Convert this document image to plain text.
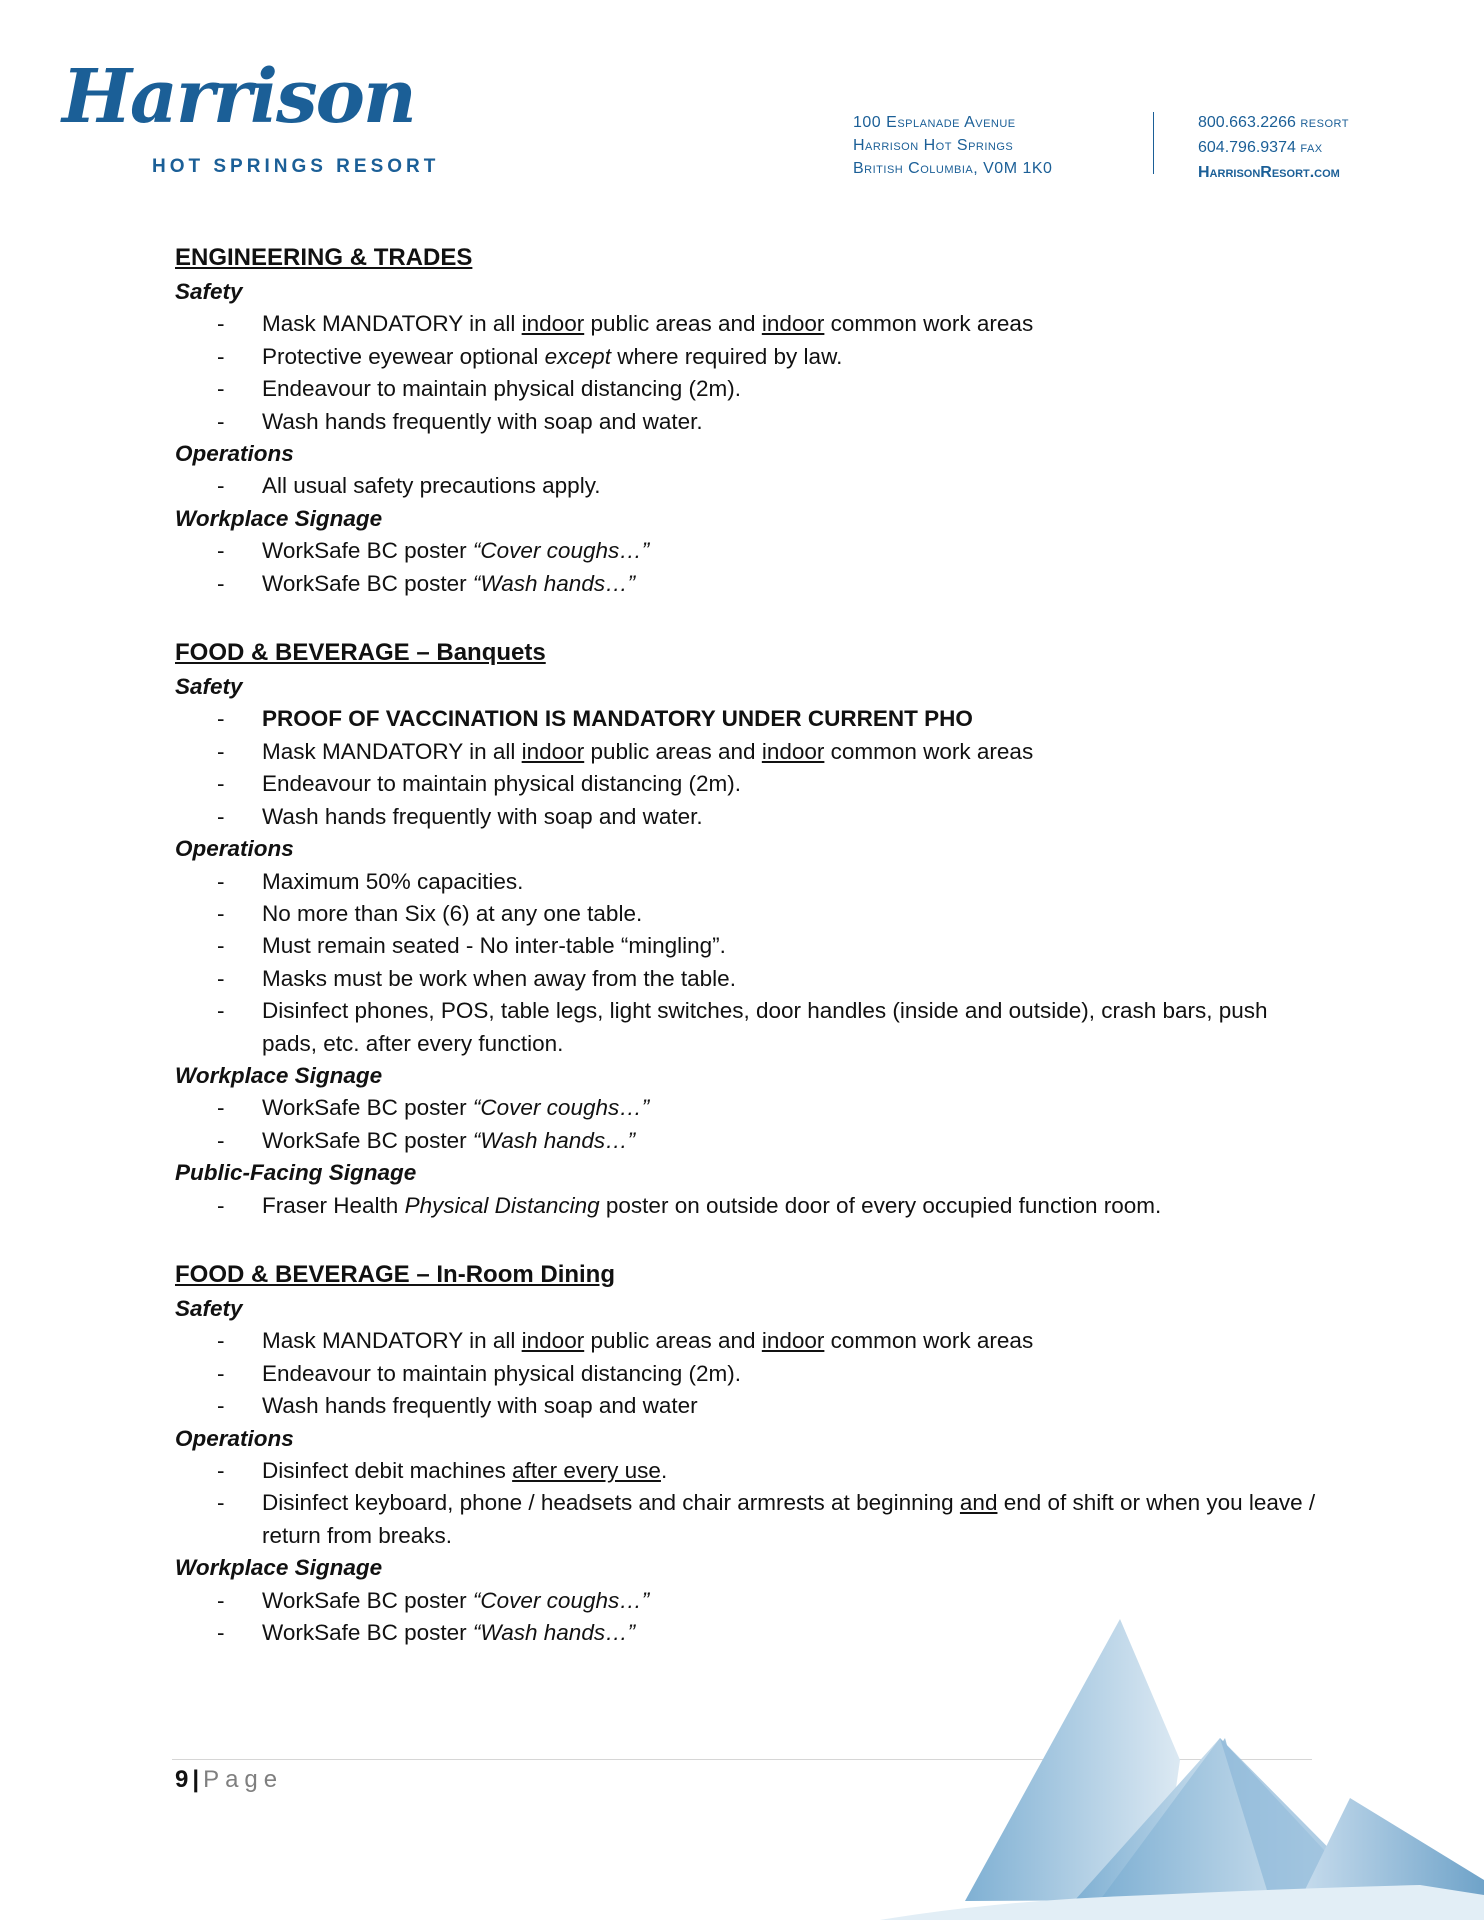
Harrison
HOT SPRINGS RESORT
100 Esplanade Avenue
Harrison Hot Springs
British Columbia, V0M 1K0
800.663.2266 RESORT
604.796.9374 FAX
HarrisonResort.com
ENGINEERING & TRADES
Safety
- Mask MANDATORY in all indoor public areas and indoor common work areas
- Protective eyewear optional except where required by law.
- Endeavour to maintain physical distancing (2m).
- Wash hands frequently with soap and water.
Operations
- All usual safety precautions apply.
Workplace Signage
- WorkSafe BC poster “Cover coughs…”
- WorkSafe BC poster “Wash hands…”
FOOD & BEVERAGE – Banquets
Safety
- PROOF OF VACCINATION IS MANDATORY UNDER CURRENT PHO
- Mask MANDATORY in all indoor public areas and indoor common work areas
- Endeavour to maintain physical distancing (2m).
- Wash hands frequently with soap and water.
Operations
- Maximum 50% capacities.
- No more than Six (6) at any one table.
- Must remain seated - No inter-table “mingling”.
- Masks must be work when away from the table.
- Disinfect phones, POS, table legs, light switches, door handles (inside and outside), crash bars, push pads, etc. after every function.
Workplace Signage
- WorkSafe BC poster “Cover coughs…”
- WorkSafe BC poster “Wash hands…”
Public-Facing Signage
- Fraser Health Physical Distancing poster on outside door of every occupied function room.
FOOD & BEVERAGE – In-Room Dining
Safety
- Mask MANDATORY in all indoor public areas and indoor common work areas
- Endeavour to maintain physical distancing (2m).
- Wash hands frequently with soap and water
Operations
- Disinfect debit machines after every use.
- Disinfect keyboard, phone / headsets and chair armrests at beginning and end of shift or when you leave / return from breaks.
Workplace Signage
- WorkSafe BC poster “Cover coughs…”
- WorkSafe BC poster “Wash hands…”
9 | Page
